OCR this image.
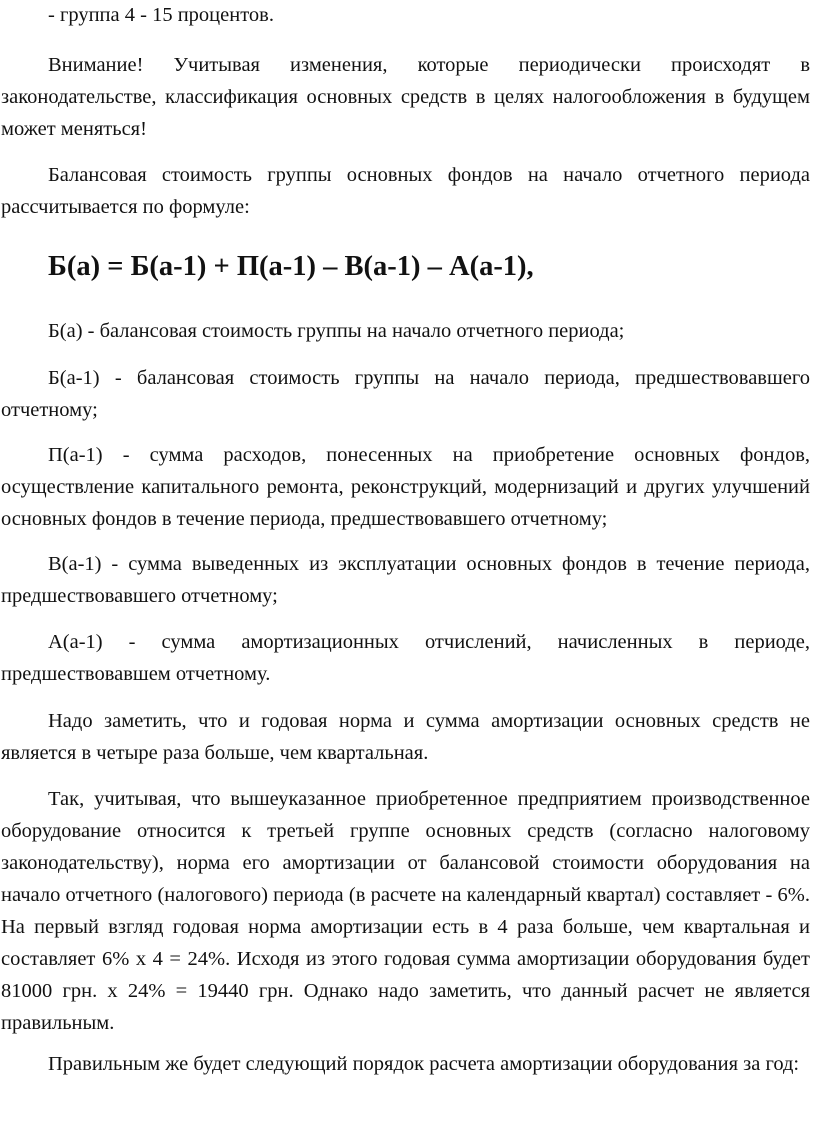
- группа 4 - 15 процентов.

Внимание! Учитывая изменения, которые периодически происходят в законодательстве, классификация основных средств в целях налогообложения в будущем может меняться!

Балансовая стоимость группы основных фондов на начало отчетного периода рассчитывается по формуле:

Б(а) = Б(а-1) + П(а-1) – В(а-1) – А(а-1),

Б(а) - балансовая стоимость группы на начало отчетного периода;

Б(а-1) - балансовая стоимость группы на начало периода, предшествовавшего отчетному;

П(а-1) - сумма расходов, понесенных на приобретение основных фондов, осуществление капитального ремонта, реконструкций, модернизаций и других улучшений основных фондов в течение периода, предшествовавшего отчетному;

В(а-1) - сумма выведенных из эксплуатации основных фондов в течение периода, предшествовавшего отчетному;

А(а-1) - сумма амортизационных отчислений, начисленных в периоде, предшествовавшем отчетному.

Надо заметить, что и годовая норма и сумма амортизации основных средств не является в четыре раза больше, чем квартальная.

Так, учитывая, что вышеуказанное приобретенное предприятием производственное оборудование относится к третьей группе основных средств (согласно налоговому законодательству), норма его амортизации от балансовой стоимости оборудования на начало отчетного (налогового) периода (в расчете на календарный квартал) составляет - 6%. На первый взгляд годовая норма амортизации есть в 4 раза больше, чем квартальная и составляет 6% х 4 = 24%. Исходя из этого годовая сумма амортизации оборудования будет 81000 грн. х 24% = 19440 грн. Однако надо заметить, что данный расчет не является правильным.

Правильным же будет следующий порядок расчета амортизации оборудования за год:
